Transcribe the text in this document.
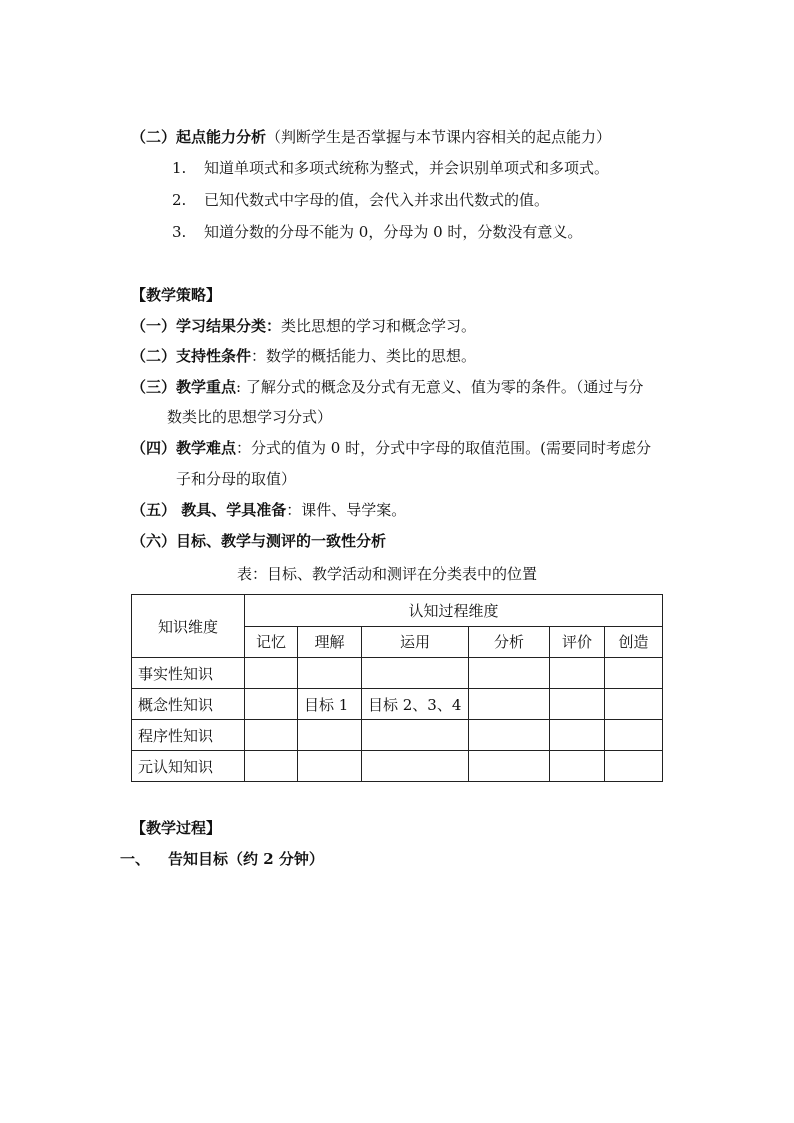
（二）起点能力分析（判断学生是否掌握与本节课内容相关的起点能力）
1. 知道单项式和多项式统称为整式，并会识别单项式和多项式。
2. 已知代数式中字母的值，会代入并求出代数式的值。
3. 知道分数的分母不能为 0，分母为 0 时，分数没有意义。
【教学策略】
（一）学习结果分类：类比思想的学习和概念学习。
（二）支持性条件：数学的概括能力、类比的思想。
（三）教学重点: 了解分式的概念及分式有无意义、值为零的条件。（通过与分
数类比的思想学习分式）
（四）教学难点：分式的值为 0 时，分式中字母的取值范围。(需要同时考虑分
子和分母的取值）
（五） 教具、学具准备：课件、导学案。
（六）目标、教学与测评的一致性分析
表：目标、教学活动和测评在分类表中的位置
知识维度	认知过程维度					
	记忆	理解	运用	分析	评价	创造
事实性知识						
概念性知识		目标 1	目标 2、3、4			
程序性知识						
元认知知识						
【教学过程】
一、 告知目标（约 2 分钟）
